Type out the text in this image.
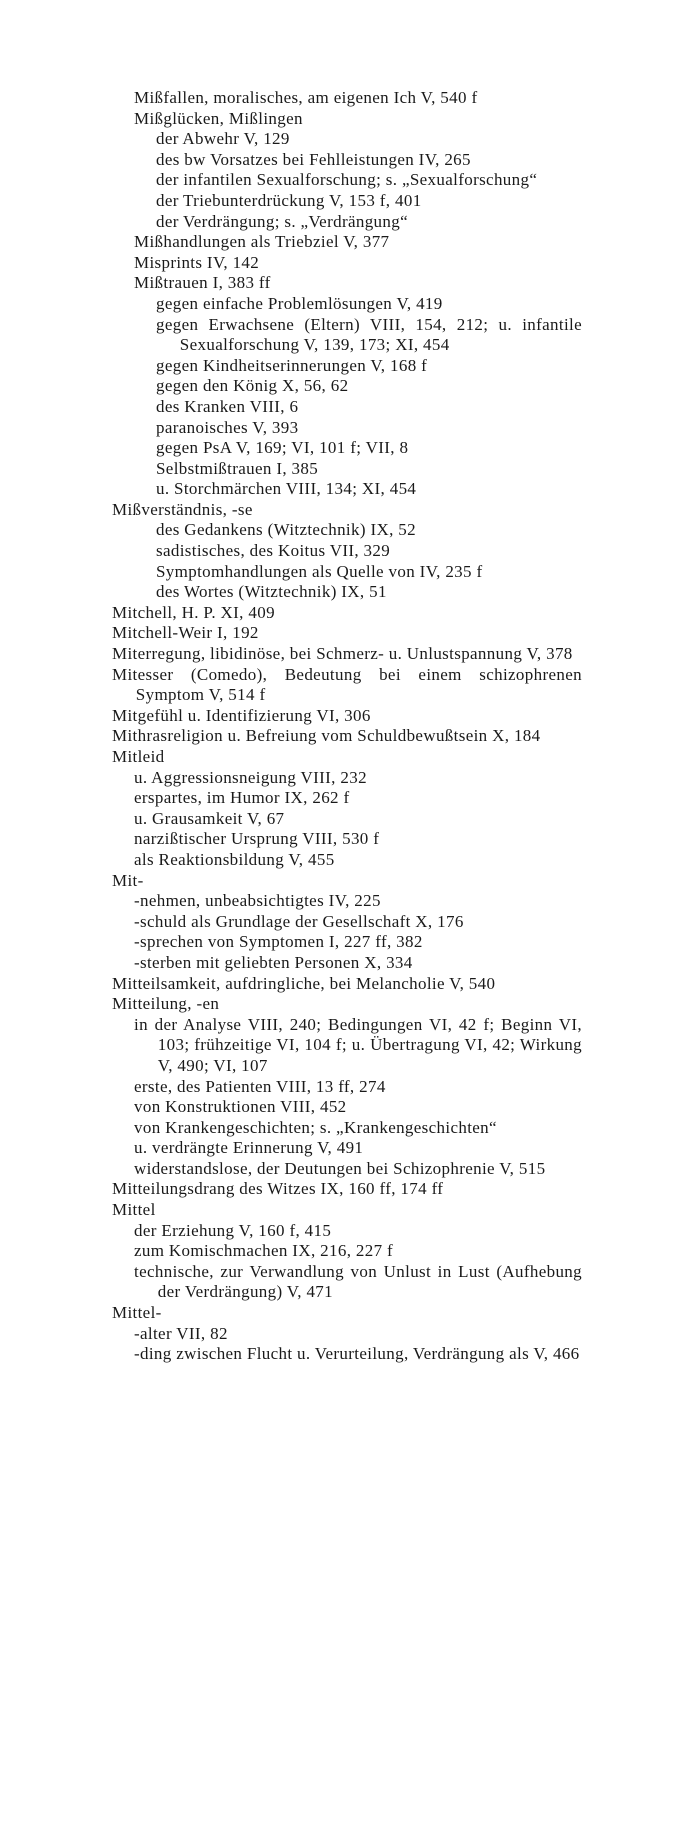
Mißfallen, moralisches, am eigenen Ich V, 540 f

Mißglücken, Mißlingen

der Abwehr V, 129

des bw Vorsatzes bei Fehlleistungen IV, 265

der infantilen Sexualforschung; s. „Sexualforschung“

der Triebunterdrückung V, 153 f, 401

der Verdrängung; s. „Verdrängung“

Mißhandlungen als Triebziel V, 377

Misprints IV, 142

Mißtrauen I, 383 ff

gegen einfache Problemlösungen V, 419

gegen Erwachsene (Eltern) VIII, 154, 212; u. infantile Sexualforschung V, 139, 173; XI, 454

gegen Kindheitserinnerungen V, 168 f

gegen den König X, 56, 62

des Kranken VIII, 6

paranoisches V, 393

gegen PsA V, 169; VI, 101 f; VII, 8

Selbstmißtrauen I, 385

u. Storchmärchen VIII, 134; XI, 454

Mißverständnis, -se

des Gedankens (Witztechnik) IX, 52

sadistisches, des Koitus VII, 329

Symptomhandlungen als Quelle von IV, 235 f

des Wortes (Witztechnik) IX, 51

Mitchell, H. P. XI, 409

Mitchell-Weir I, 192

Miterregung, libidinöse, bei Schmerz- u. Unlustspannung V, 378

Mitesser (Comedo), Bedeutung bei einem schizophrenen Symptom V, 514 f

Mitgefühl u. Identifizierung VI, 306

Mithrasreligion u. Befreiung vom Schuldbewußtsein X, 184

Mitleid

u. Aggressionsneigung VIII, 232

erspartes, im Humor IX, 262 f

u. Grausamkeit V, 67

narzißtischer Ursprung VIII, 530 f

als Reaktionsbildung V, 455

Mit-

-nehmen, unbeabsichtigtes IV, 225

-schuld als Grundlage der Gesellschaft X, 176

-sprechen von Symptomen I, 227 ff, 382

-sterben mit geliebten Personen X, 334

Mitteilsamkeit, aufdringliche, bei Melancholie V, 540

Mitteilung, -en

in der Analyse VIII, 240; Bedingungen VI, 42 f; Beginn VI, 103; frühzeitige VI, 104 f; u. Übertragung VI, 42; Wirkung V, 490; VI, 107

erste, des Patienten VIII, 13 ff, 274

von Konstruktionen VIII, 452

von Krankengeschichten; s. „Krankengeschichten“

u. verdrängte Erinnerung V, 491

widerstandslose, der Deutungen bei Schizophrenie V, 515

Mitteilungsdrang des Witzes IX, 160 ff, 174 ff

Mittel

der Erziehung V, 160 f, 415

zum Komischmachen IX, 216, 227 f

technische, zur Verwandlung von Unlust in Lust (Aufhebung der Verdrängung) V, 471

Mittel-

-alter VII, 82

-ding zwischen Flucht u. Verurteilung, Verdrängung als V, 466
